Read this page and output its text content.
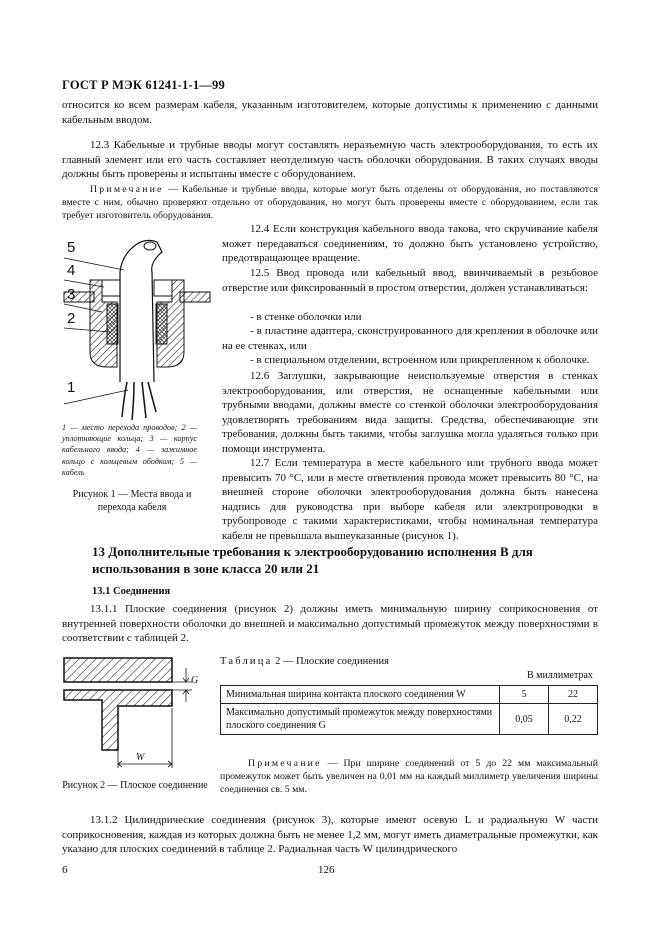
ГОСТ Р МЭК 61241-1-1—99
относится ко всем размерам кабеля, указанным изготовителем, которые допустимы к применению с данными кабельным вводом.
12.3 Кабельные и трубные вводы могут составлять неразъемную часть электрооборудования, то есть их главный элемент или его часть составляет неотделимую часть оболочки оборудования. В таких случаях вводы должны быть проверены и испытаны вместе с оборудованием.
Примечание — Кабельные и трубные вводы, которые могут быть отделены от оборудования, но поставляются вместе с ним, обычно проверяют отдельно от оборудования, но могут быть проверены вместе с оборудованием, если так требует изготовитель оборудования.
5
4
3
2
1
1 — место перехода проводов; 2 — уплотняющие кольца; 3 — корпус кабельного ввода; 4 — зажимное кольцо с кольцевым ободком; 5 — кабель
Рисунок 1 — Места ввода и перехода кабеля
12.4 Если конструкция кабельного ввода такова, что скручивание кабеля может передаваться соединениям, то должно быть установлено устройство, предотвращающее вращение.
12.5 Ввод провода или кабельный ввод, ввинчиваемый в резьбовое отверстие или фиксированный в простом отверстии, должен устанавливаться:
- в стенке оболочки или
- в пластине адаптера, сконструированного для крепления в оболочке или на ее стенках, или
- в специальном отделении, встроенном или прикрепленном к оболочке.
12.6 Заглушки, закрывающие неиспользуемые отверстия в стенках электрооборудования, или отверстия, не оснащенные кабельными или трубными вводами, должны вместе со стенкой оболочки электрооборудования удовлетворять требованиям вида защиты. Средства, обеспечивающие эти требования, должны быть такими, чтобы заглушка могла удаляться только при помощи инструмента.
12.7 Если температура в месте кабельного или трубного ввода может превысить 70 °С, или в месте ответвления провода может превысить 80 °С, на внешней стороне оболочки электрооборудования должна быть нанесена надпись для руководства при выборе кабеля или электропроводки в трубопроводе с такими характеристиками, чтобы номинальная температура кабеля не превышала вышеуказанные (рисунок 1).
13 Дополнительные требования к электрооборудованию исполнения B для использования в зоне класса 20 или 21
13.1 Соединения
13.1.1 Плоские соединения (рисунок 2) должны иметь минимальную ширину соприкосновения от внутренней поверхности оболочки до внешней и максимально допустимый промежуток между поверхностями в соответствии с таблицей 2.
G
W
Рисунок 2 — Плоское соединение
Таблица 2 — Плоские соединения
В миллиметрах
Минимальная ширина контакта плоского соединения W	5	22
Максимально допустимый промежуток между поверхностями плоского соединения G	0,05	0,22
Примечание — При ширине соединений от 5 до 22 мм максимальный промежуток может быть увеличен на 0,01 мм на каждый миллиметр увеличения ширины соединения св. 5 мм.
13.1.2 Цилиндрические соединения (рисунок 3), которые имеют осевую L и радиальную W части соприкосновения, каждая из которых должна быть не менее 1,2 мм, могут иметь диаметральные промежутки, как указано для плоских соединений в таблице 2. Радиальная часть W цилиндрического
6	126
